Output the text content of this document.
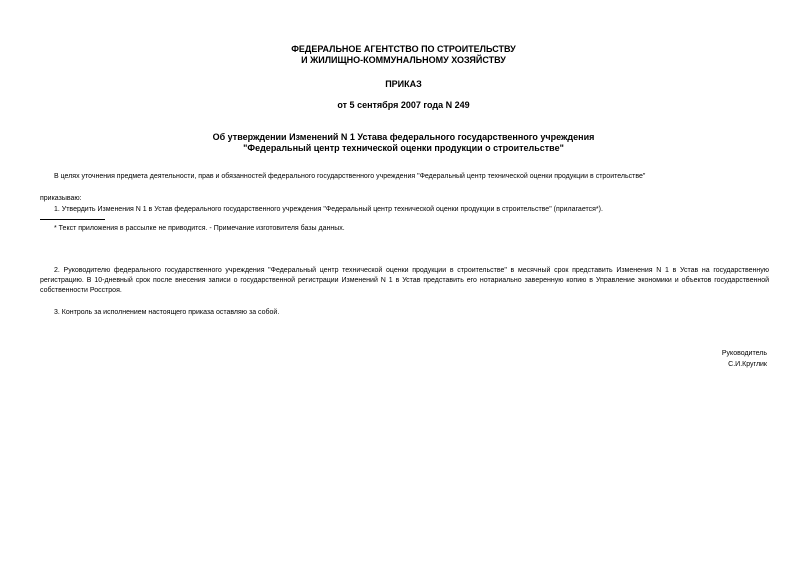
ФЕДЕРАЛЬНОЕ АГЕНТСТВО ПО СТРОИТЕЛЬСТВУ
И ЖИЛИЩНО-КОММУНАЛЬНОМУ ХОЗЯЙСТВУ
ПРИКАЗ
от 5 сентября 2007 года N 249
Об утверждении Изменений N 1 Устава федерального государственного учреждения
"Федеральный центр технической оценки продукции о строительстве"

В целях уточнения предмета деятельности, прав и обязанностей федерального государственного учреждения "Федеральный центр технической оценки продукции в строительстве"

приказываю:

1. Утвердить Изменения N 1 в Устав федерального государственного учреждения "Федеральный центр технической оценки продукции в строительстве" (прилагается*).

* Текст приложения в рассылке не приводится. - Примечание изготовителя базы данных.

2. Руководителю федерального государственного учреждения "Федеральный центр технической оценки продукции в строительстве" в месячный срок представить Изменения N 1 в Устав на государственную регистрацию. В 10-дневный срок после внесения записи о государственной регистрации Изменений N 1 в Устав представить его нотариально заверенную копию в Управление экономики и объектов государственной собственности Росстроя.

3. Контроль за исполнением настоящего приказа оставляю за собой.

Руководитель
С.И.Круглик
